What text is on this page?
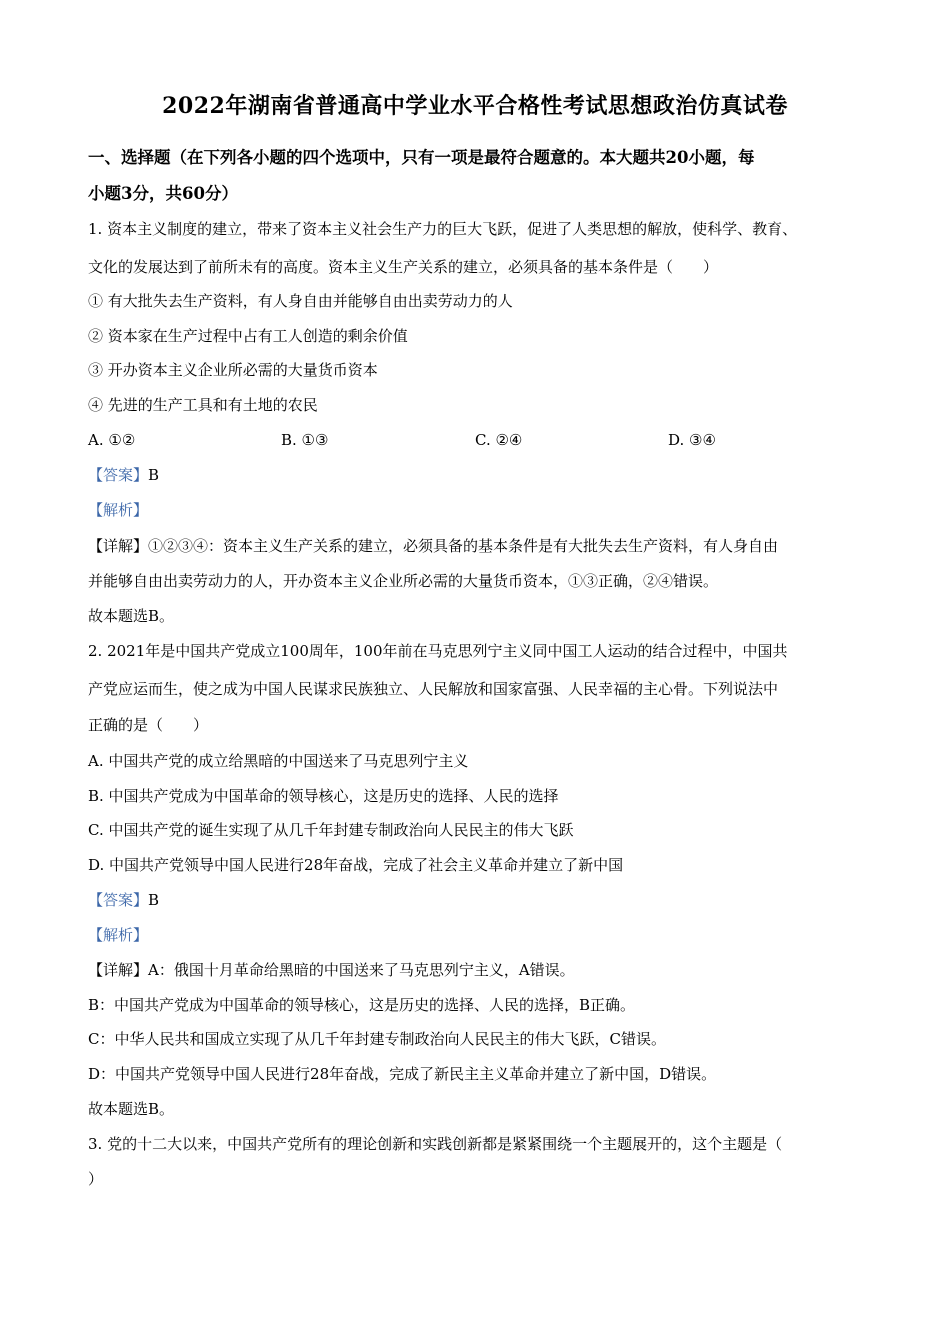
2022年湖南省普通高中学业水平合格性考试思想政治仿真试卷
一、选择题（在下列各小题的四个选项中，只有一项是最符合题意的。本大题共20小题，每
小题3分，共60分）
1. 资本主义制度的建立，带来了资本主义社会生产力的巨大飞跃，促进了人类思想的解放，使科学、教育、
文化的发展达到了前所未有的高度。资本主义生产关系的建立，必须具备的基本条件是（　　）
① 有大批失去生产资料，有人身自由并能够自由出卖劳动力的人
② 资本家在生产过程中占有工人创造的剩余价值
③ 开办资本主义企业所必需的大量货币资本
④ 先进的生产工具和有土地的农民
A. ①②	B. ①③	C. ②④	D. ③④
【答案】B
【解析】
【详解】①②③④：资本主义生产关系的建立，必须具备的基本条件是有大批失去生产资料，有人身自由
并能够自由出卖劳动力的人，开办资本主义企业所必需的大量货币资本，①③正确，②④错误。
故本题选B。
2. 2021年是中国共产党成立100周年，100年前在马克思列宁主义同中国工人运动的结合过程中，中国共
产党应运而生，使之成为中国人民谋求民族独立、人民解放和国家富强、人民幸福的主心骨。下列说法中
正确的是（　　）
A. 中国共产党的成立给黑暗的中国送来了马克思列宁主义
B. 中国共产党成为中国革命的领导核心，这是历史的选择、人民的选择
C. 中国共产党的诞生实现了从几千年封建专制政治向人民民主的伟大飞跃
D. 中国共产党领导中国人民进行28年奋战，完成了社会主义革命并建立了新中国
【答案】B
【解析】
【详解】A：俄国十月革命给黑暗的中国送来了马克思列宁主义，A错误。
B：中国共产党成为中国革命的领导核心，这是历史的选择、人民的选择，B正确。
C：中华人民共和国成立实现了从几千年封建专制政治向人民民主的伟大飞跃，C错误。
D：中国共产党领导中国人民进行28年奋战，完成了新民主主义革命并建立了新中国，D错误。
故本题选B。
3. 党的十二大以来，中国共产党所有的理论创新和实践创新都是紧紧围绕一个主题展开的，这个主题是（
）
